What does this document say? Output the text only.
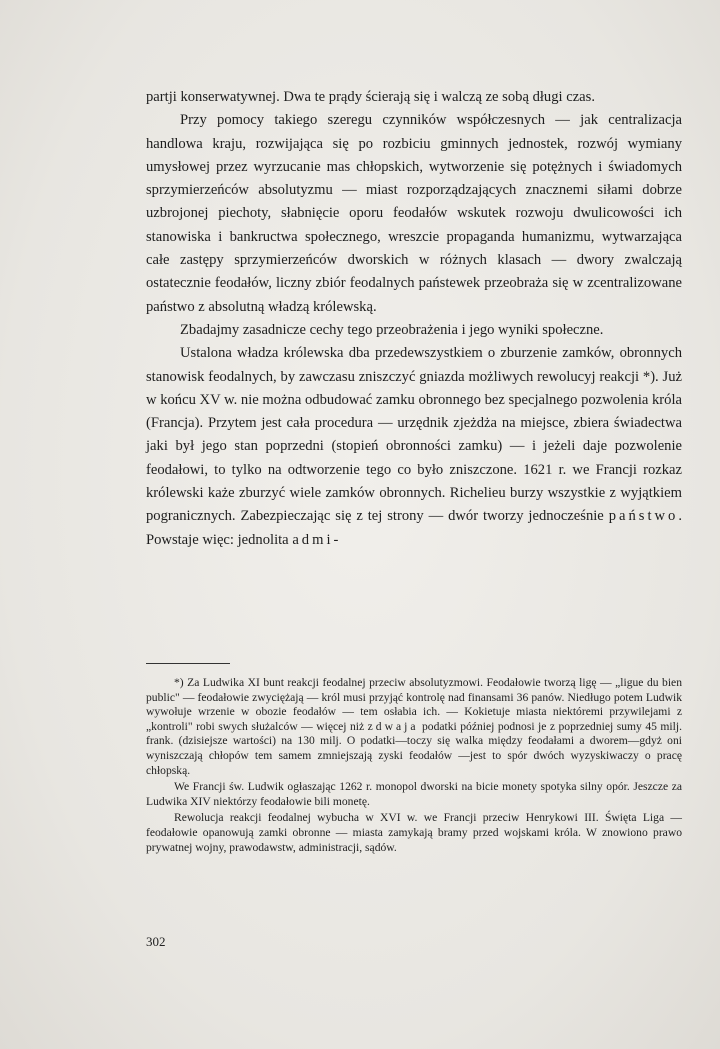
partji konserwatywnej. Dwa te prądy ścierają się i walczą ze sobą długi czas.

Przy pomocy takiego szeregu czynników współczesnych — jak centralizacja handlowa kraju, rozwijająca się po rozbiciu gminnych jednostek, rozwój wymiany umysłowej przez wyrzucanie mas chłopskich, wytworzenie się potężnych i świadomych sprzymierzeńców absolutyzmu — miast rozporządzających znacznemi siłami dobrze uzbrojonej piechoty, słabnięcie oporu feodałów wskutek rozwoju dwulicowości ich stanowiska i bankructwa społecznego, wreszcie propaganda humanizmu, wytwarzająca całe zastępy sprzymierzeńców dworskich w różnych klasach — dwory zwalczają ostatecznie feodałów, liczny zbiór feodalnych państewek przeobraża się w zcentralizowane państwo z absolutną władzą królewską.

Zbadajmy zasadnicze cechy tego przeobrażenia i jego wyniki społeczne.

Ustalona władza królewska dba przedewszystkiem o zburzenie zamków, obronnych stanowisk feodalnych, by zawczasu zniszczyć gniazda możliwych rewolucyj reakcji *). Już w końcu XV w. nie można odbudować zamku obronnego bez specjalnego pozwolenia króla (Francja). Przytem jest cała procedura — urzędnik zjeżdża na miejsce, zbiera świadectwa jaki był jego stan poprzedni (stopień obronności zamku) — i jeżeli daje pozwolenie feodałowi, to tylko na odtworzenie tego co było zniszczone. 1621 r. we Francji rozkaz królewski każe zburzyć wiele zamków obronnych. Richelieu burzy wszystkie z wyjątkiem pogranicznych. Zabezpieczając się z tej strony — dwór tworzy jednocześnie państwo. Powstaje więc: jednolita admi-

*) Za Ludwika XI bunt reakcji feodalnej przeciw absolutyzmowi. Feodałowie tworzą ligę — „ligue du bien public" — feodałowie zwyciężają — król musi przyjąć kontrolę nad finansami 36 panów. Niedługo potem Ludwik wywołuje wrzenie w obozie feodałów — tem osłabia ich. — Kokietuje miasta niektóremi przywilejami z „kontroli" robi swych służalców — więcej niż zdwaja podatki później podnosi je z poprzedniej sumy 45 milj. frank. (dzisiejsze wartości) na 130 milj. O podatki—toczy się walka między feodałami a dworem—gdyż oni wyniszczają chłopów tem samem zmniejszają zyski feodałów —jest to spór dwóch wyzyskiwaczy o pracę chłopską.

We Francji św. Ludwik ogłaszając 1262 r. monopol dworski na bicie monety spotyka silny opór. Jeszcze za Ludwika XIV niektórzy feodałowie bili monetę.

Rewolucja reakcji feodalnej wybucha w XVI w. we Francji przeciw Henrykowi III. Święta Liga — feodałowie opanowują zamki obronne — miasta zamykają bramy przed wojskami króla. W znowiono prawo prywatnej wojny, prawodawstw, administracji, sądów.

302
